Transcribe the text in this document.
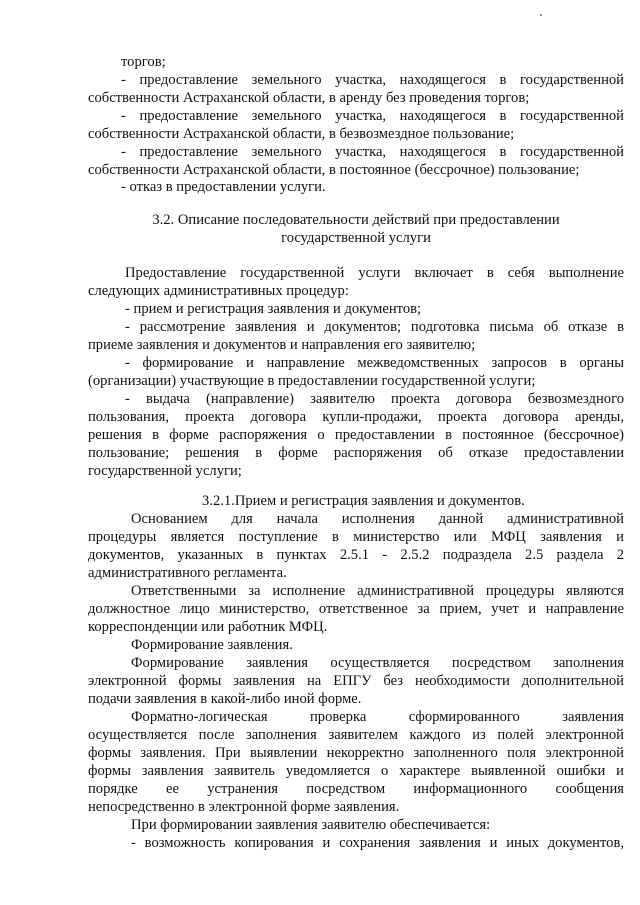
торгов;
- предоставление земельного участка, находящегося в государственной
собственности Астраханской области, в аренду без проведения торгов;
- предоставление земельного участка, находящегося в государственной
собственности Астраханской области, в безвозмездное пользование;
- предоставление земельного участка, находящегося в государственной
собственности Астраханской области, в постоянное (бессрочное) пользование;
- отказ в предоставлении услуги.
3.2. Описание последовательности действий при предоставлении
государственной услуги
Предоставление государственной услуги включает в себя выполнение
следующих административных процедур:
- прием и регистрация заявления и документов;
- рассмотрение заявления и документов; подготовка письма об отказе в
приеме заявления и документов и направления его заявителю;
- формирование и направление межведомственных запросов в органы
(организации) участвующие в предоставлении государственной услуги;
- выдача (направление) заявителю проекта договора безвозмездного
пользования, проекта договора купли-продажи, проекта договора аренды,
решения в форме распоряжения о предоставлении в постоянное (бессрочное)
пользование; решения в форме распоряжения об отказе предоставлении
государственной услуги;
3.2.1.Прием и регистрация заявления и документов.
Основанием для начала исполнения данной административной
процедуры является поступление в министерство или МФЦ заявления и
документов, указанных в пунктах 2.5.1 - 2.5.2 подраздела 2.5 раздела 2
административного регламента.
Ответственными за исполнение административной процедуры являются
должностное лицо министерство, ответственное за прием, учет и направление
корреспонденции или работник МФЦ.
Формирование заявления.
Формирование заявления осуществляется посредством заполнения
электронной формы заявления на ЕПГУ без необходимости дополнительной
подачи заявления в какой-либо иной форме.
Форматно-логическая проверка сформированного заявления
осуществляется после заполнения заявителем каждого из полей электронной
формы заявления. При выявлении некорректно заполненного поля электронной
формы заявления заявитель уведомляется о характере выявленной ошибки и
порядке ее устранения посредством информационного сообщения
непосредственно в электронной форме заявления.
При формировании заявления заявителю обеспечивается:
- возможность копирования и сохранения заявления и иных документов,
